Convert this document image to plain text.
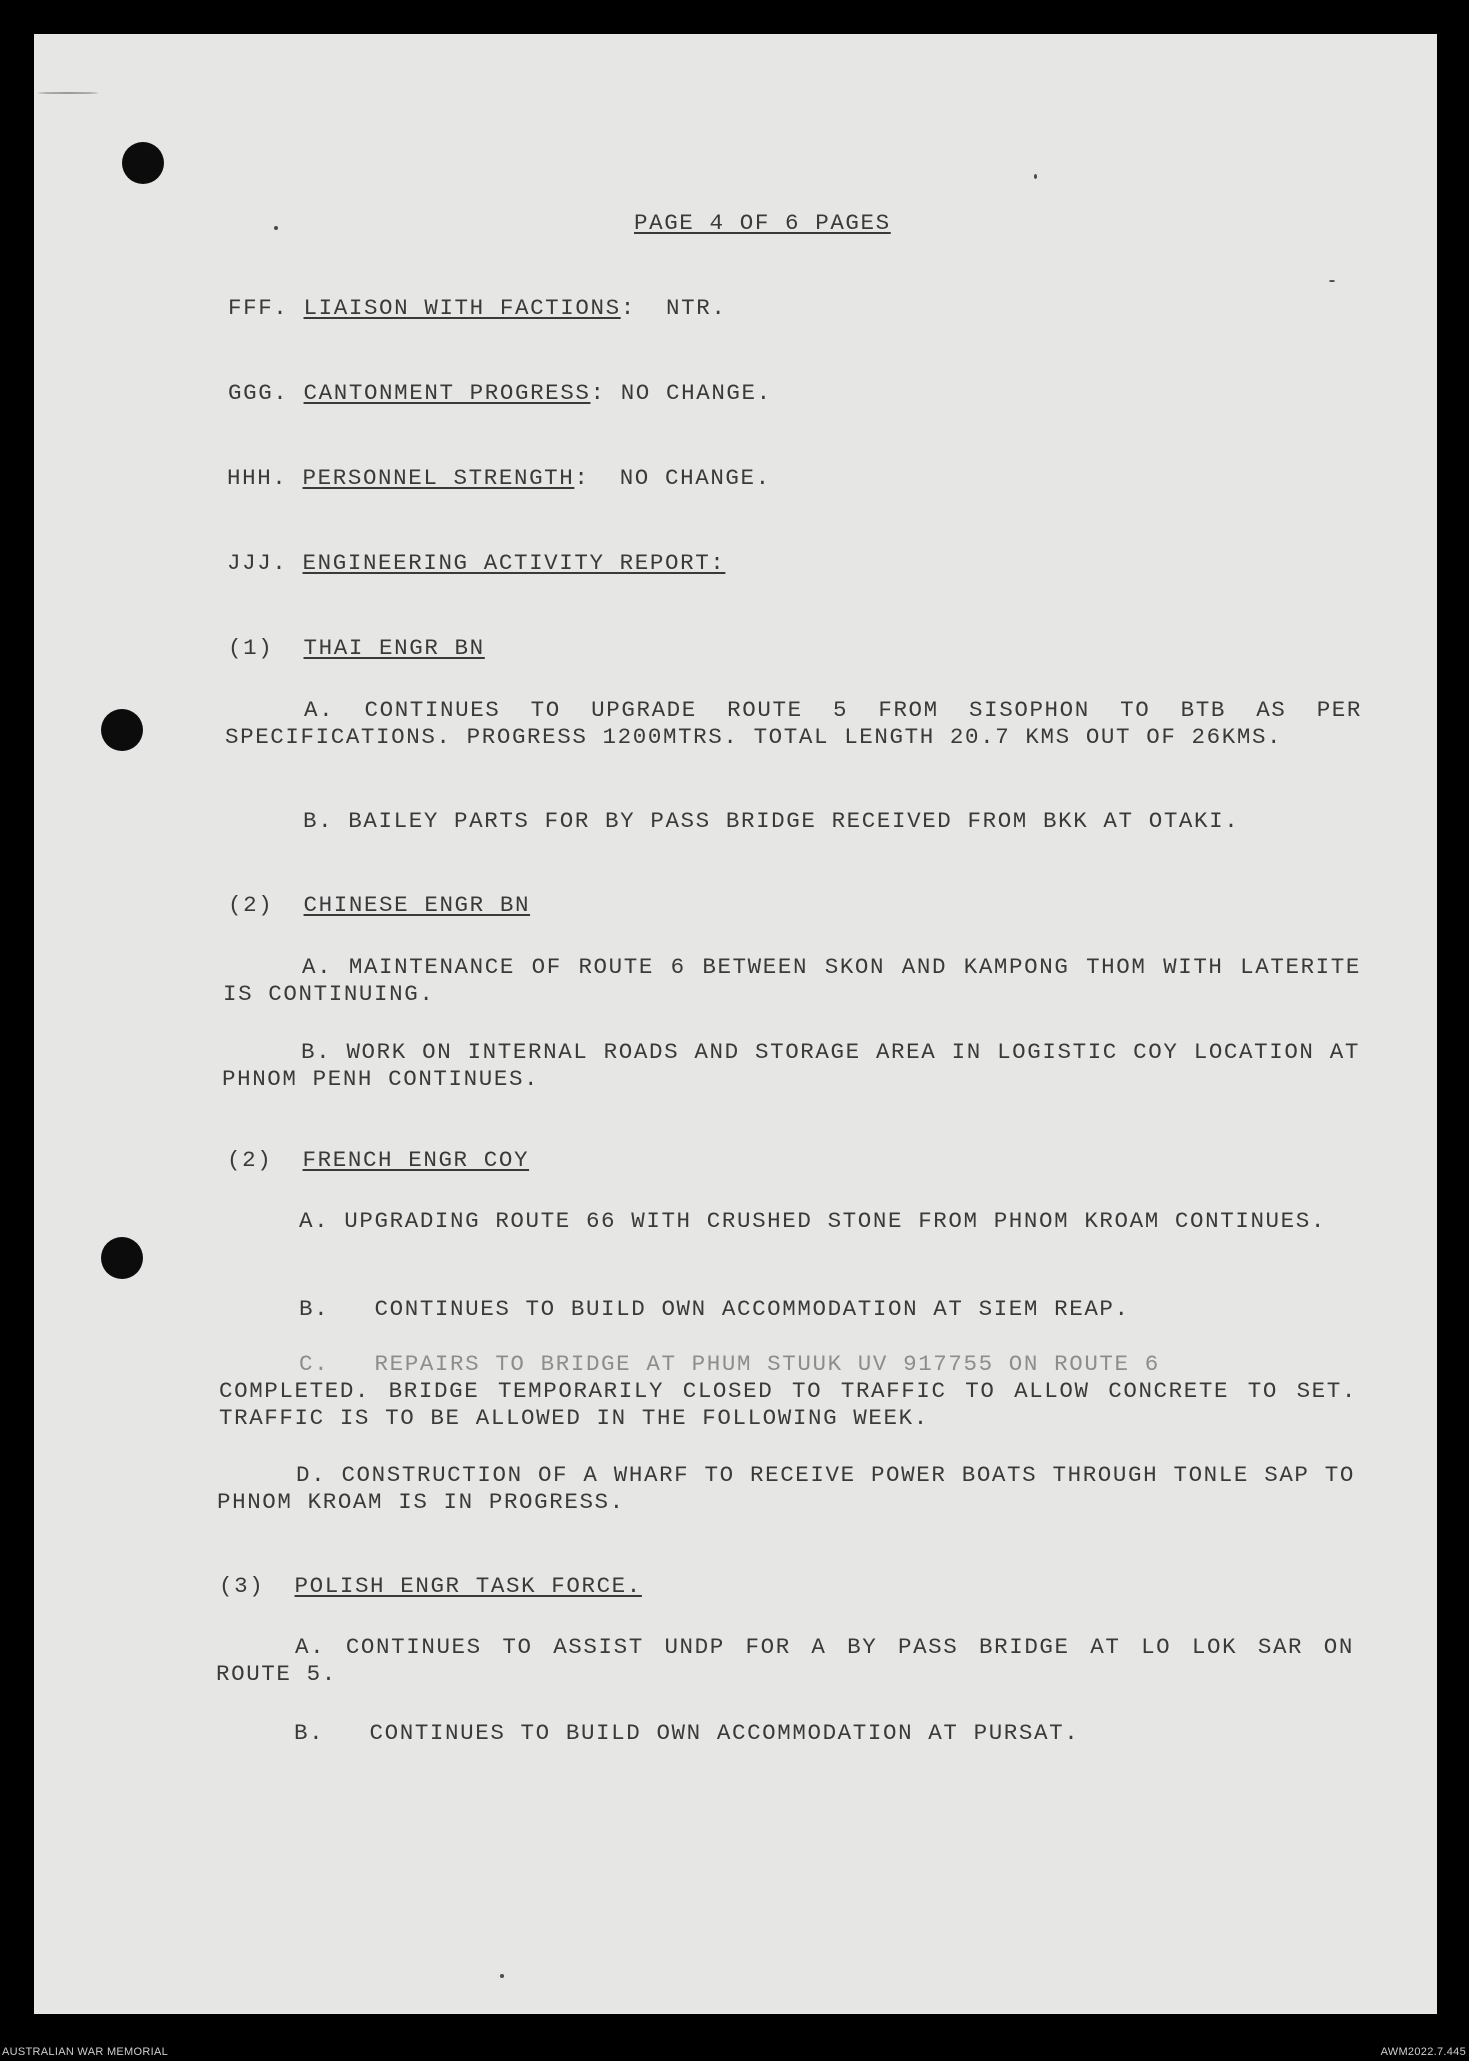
PAGE 4 OF 6 PAGES
FFF. LIAISON WITH FACTIONS: NTR.
GGG. CANTONMENT PROGRESS: NO CHANGE.
HHH. PERSONNEL STRENGTH: NO CHANGE.
JJJ. ENGINEERING ACTIVITY REPORT:
(1) THAI ENGR BN
A. CONTINUES TO UPGRADE ROUTE 5 FROM SISOPHON TO BTB AS PER SPECIFICATIONS. PROGRESS 1200MTRS. TOTAL LENGTH 20.7 KMS OUT OF 26KMS.
B. BAILEY PARTS FOR BY PASS BRIDGE RECEIVED FROM BKK AT OTAKI.
(2) CHINESE ENGR BN
A. MAINTENANCE OF ROUTE 6 BETWEEN SKON AND KAMPONG THOM WITH LATERITE IS CONTINUING.
B. WORK ON INTERNAL ROADS AND STORAGE AREA IN LOGISTIC COY LOCATION AT PHNOM PENH CONTINUES.
(2) FRENCH ENGR COY
A. UPGRADING ROUTE 66 WITH CRUSHED STONE FROM PHNOM KROAM CONTINUES.
B.   CONTINUES TO BUILD OWN ACCOMMODATION AT SIEM REAP.
C.   REPAIRS TO BRIDGE AT PHUM STUUK UV 917755 ON ROUTE 6
COMPLETED. BRIDGE TEMPORARILY CLOSED TO TRAFFIC TO ALLOW CONCRETE TO SET. TRAFFIC IS TO BE ALLOWED IN THE FOLLOWING WEEK.
D. CONSTRUCTION OF A WHARF TO RECEIVE POWER BOATS THROUGH TONLE SAP TO PHNOM KROAM IS IN PROGRESS.
(3) POLISH ENGR TASK FORCE.
A. CONTINUES TO ASSIST UNDP FOR A BY PASS BRIDGE AT LO LOK SAR ON ROUTE 5.
B.   CONTINUES TO BUILD OWN ACCOMMODATION AT PURSAT.
AUSTRALIAN WAR MEMORIAL	AWM2022.7.445
